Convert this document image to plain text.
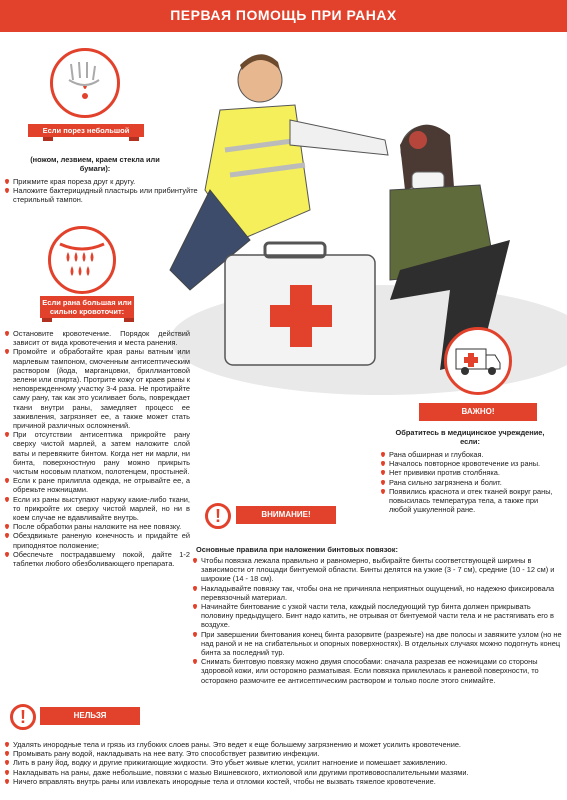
ПЕРВАЯ ПОМОЩЬ ПРИ РАНАХ
Если порез небольшой
(ножом, лезвием, краем стекла или бумаги):
Прижмите края пореза друг к другу.
Наложите бактерицидный пластырь или прибинтуйте стерильный тампон.
Если рана большая или сильно кровоточит:
Остановите кровотечение. Порядок действий зависит от вида кровотечения и места ранения.
Промойте и обработайте края раны ватным или марлевым тампоном, смоченным антисептическим раствором (йода, марганцовки, бриллиантовой зелени или спирта). Протрите кожу от краев раны к неповрежденному участку 3-4 раза. Не протирайте саму рану, так как это усиливает боль, повреждает ткани внутри раны, замедляет процесс ее заживления, загрязняет ее, а также может стать причиной различных осложнений.
При отсутствии антисептика прикройте рану сверху чистой марлей, а затем наложите слой ваты и перевяжите бинтом. Когда нет ни марли, ни бинта, поверхностную рану можно прикрыть чистым носовым платком, полотенцем, простыней.
Если к ране прилипла одежда, не отрывайте ее, а обрежьте ножницами.
Если из раны выступают наружу какие-либо ткани, то прикройте их сверху чистой марлей, но ни в коем случае не вдавливайте внутрь.
После обработки раны наложите на нее повязку.
Обездвижьте раненую конечность и придайте ей приподнятое положение;
Обеспечьте пострадавшему покой, дайте 1-2 таблетки любого обезболивающего препарата.
ВАЖНО!
Обратитесь в медицинское учреждение, если:
Рана обширная и глубокая.
Началось повторное кровотечение из раны.
Нет прививки против столбняка.
Рана сильно загрязнена и болит.
Появились краснота и отек тканей вокруг раны, повысилась температура тела, а также при любой ушкуленной ране.
!	ВНИМАНИЕ!
Основные правила при наложении бинтовых повязок:
Чтобы повязка лежала правильно и равномерно, выбирайте бинты соответствующей ширины в зависимости от площади бинтуемой области. Бинты делятся на узкие (3 - 7 см), средние (10 - 12 см) и широкие (14 - 18 см).
Накладывайте повязку так, чтобы она не причиняла неприятных ощущений, но надежно фиксировала перевязочный материал.
Начинайте бинтование с узкой части тела, каждый последующий тур бинта должен прикрывать половину предыдущего. Бинт надо катить, не отрывая от бинтуемой части тела и не растягивать его в воздухе.
При завершении бинтования конец бинта разорвите (разрежьте) на две полосы и завяжите узлом (но не над раной и не на сгибательных и опорных поверхностях). В отдельных случаях можно подогнуть конец бинта за последний тур.
Снимать бинтовую повязку можно двумя способами: сначала разрезав ее ножницами со стороны здоровой кожи, или осторожно разматывая. Если повязка приклеилась к раневой поверхности, то осторожно размочите ее антисептическим раствором и только после этого снимайте.
!	НЕЛЬЗЯ
Удалять инородные тела и грязь из глубоких слоев раны. Это ведет к еще большему загрязнению и может усилить кровотечение.
Промывать рану водой, накладывать на нее вату. Это способствует развитию инфекции.
Лить в рану йод, водку и другие прижигающие жидкости. Это убьет живые клетки, усилит нагноение и помешает заживлению.
Накладывать на раны, даже небольшие, повязки с мазью Вишневского, ихтиоловой или другими противовоспалительными мазями.
Ничего вправлять внутрь раны или извлекать инородные тела и отломки костей, чтобы не вызвать тяжелое кровотечение.
